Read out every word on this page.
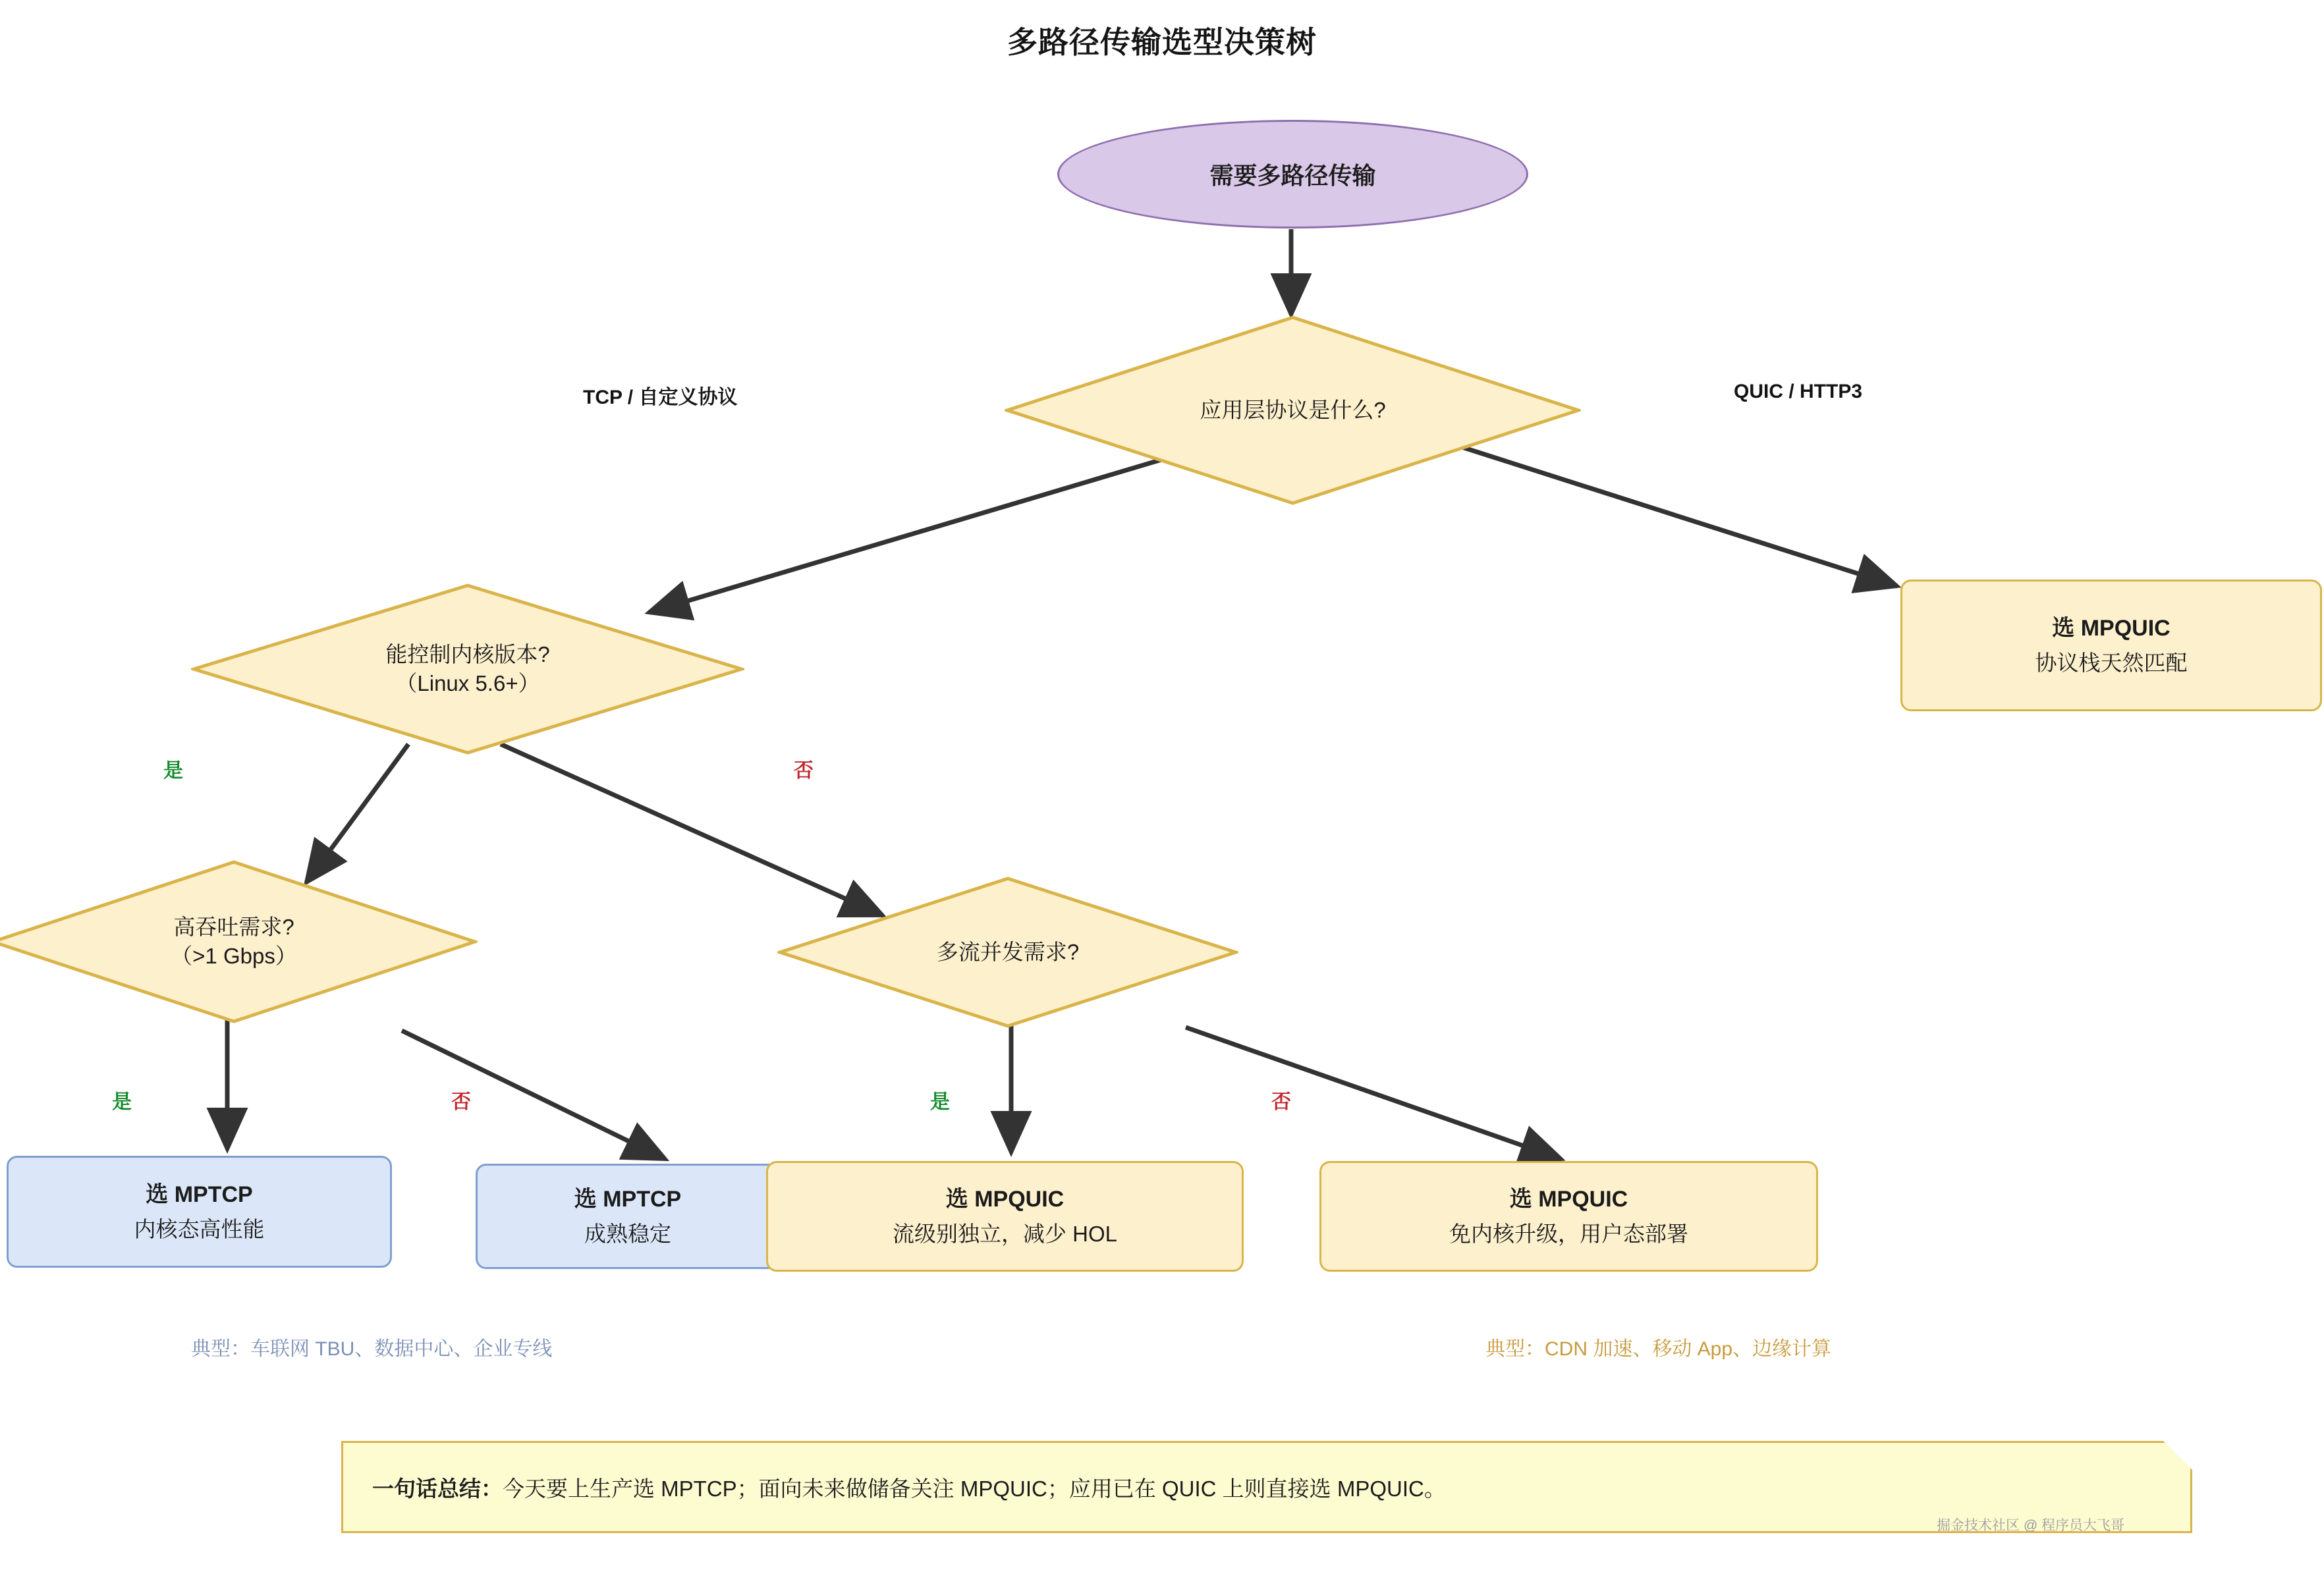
多路径传输选型决策树
需要多路径传输
应用层协议是什么?
能控制内核版本?
（Linux 5.6+）
高吞吐需求?
（>1 Gbps）	多流并发需求?
选 MPQUIC
协议栈天然匹配
选 MPTCP
内核态高性能
选 MPTCP
成熟稳定
选 MPQUIC
流级别独立，减少 HOL
选 MPQUIC
免内核升级，用户态部署
TCP / 自定义协议	QUIC / HTTP3
是	否
是	否	是	否
典型：车联网 TBU、数据中心、企业专线	典型：CDN 加速、移动 App、边缘计算
一句话总结：今天要上生产选 MPTCP；面向未来做储备关注 MPQUIC；应用已在 QUIC 上则直接选 MPQUIC。
掘金技术社区 @ 程序员大飞哥
